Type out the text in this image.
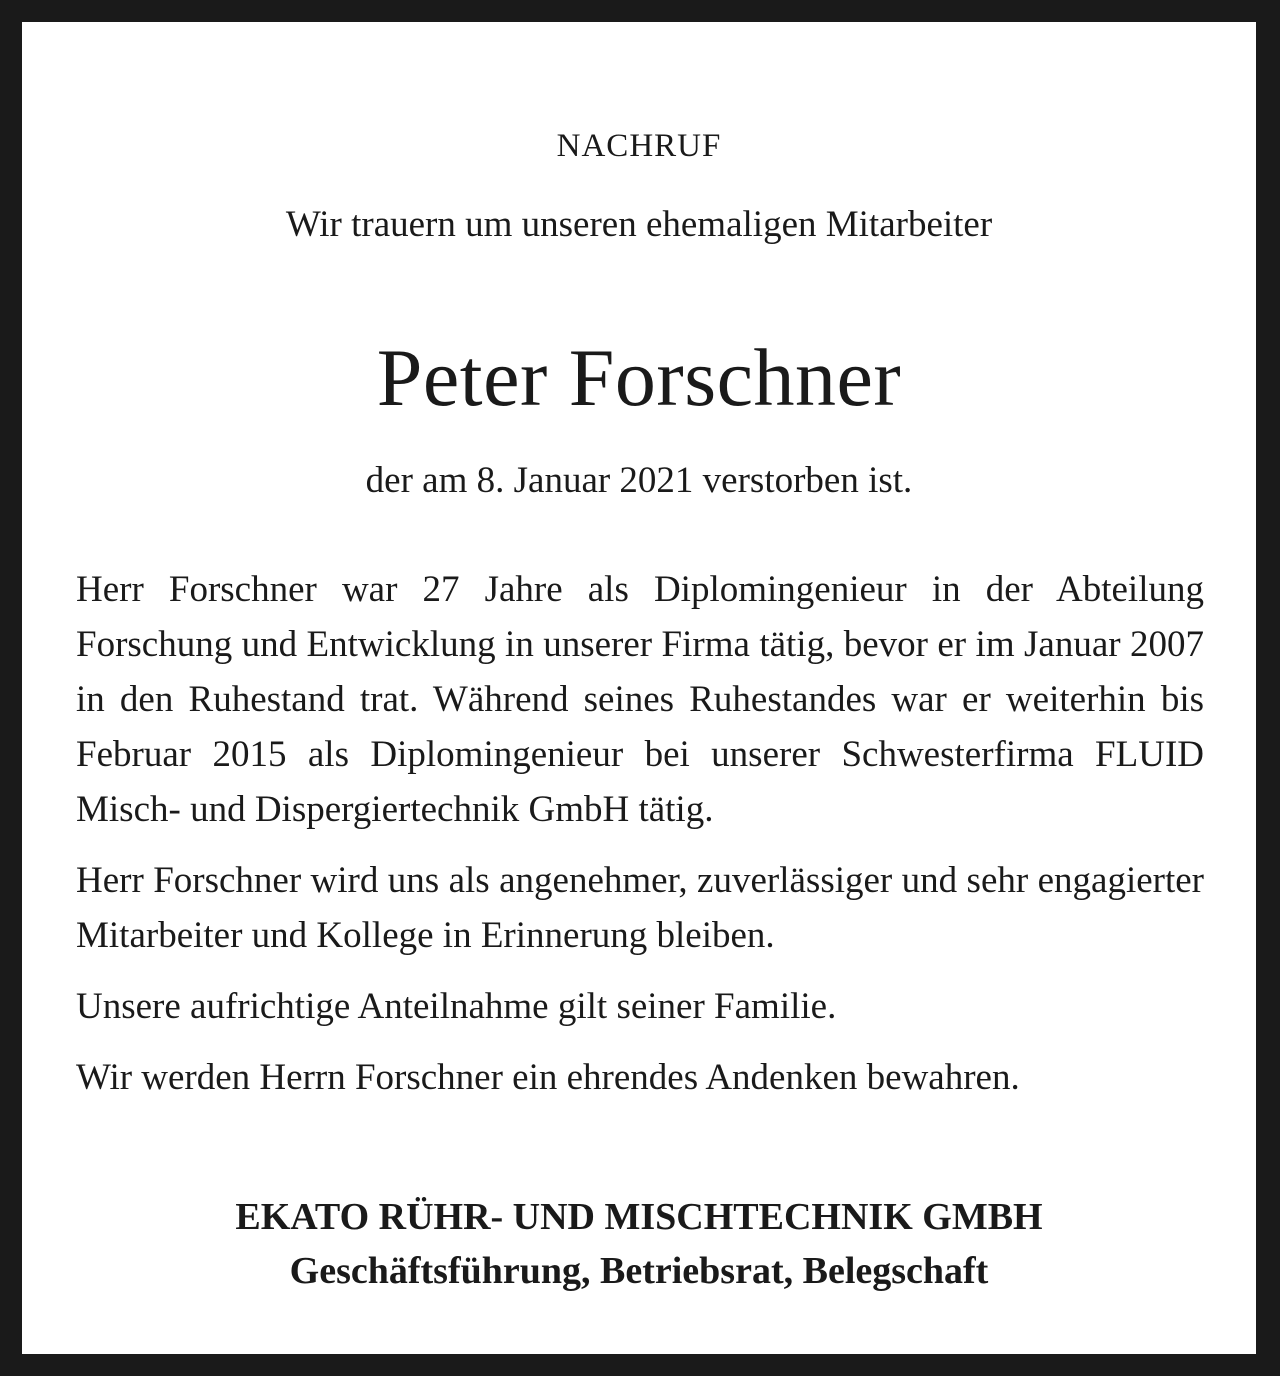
NACHRUF
Wir trauern um unseren ehemaligen Mitarbeiter
Peter Forschner
der am 8. Januar 2021 verstorben ist.

Herr Forschner war 27 Jahre als Diplomingenieur in der Abteilung Forschung und Entwicklung in unserer Firma tätig, bevor er im Januar 2007 in den Ruhestand trat. Während seines Ruhestandes war er weiterhin bis Februar 2015 als Diplomingenieur bei unserer Schwesterfirma FLUID Misch- und Dispergiertechnik GmbH tätig.

Herr Forschner wird uns als angenehmer, zuverlässiger und sehr engagierter Mitarbeiter und Kollege in Erinnerung bleiben.

Unsere aufrichtige Anteilnahme gilt seiner Familie.

Wir werden Herrn Forschner ein ehrendes Andenken bewahren.

EKATO RÜHR- UND MISCHTECHNIK GMBH
Geschäftsführung, Betriebsrat, Belegschaft
